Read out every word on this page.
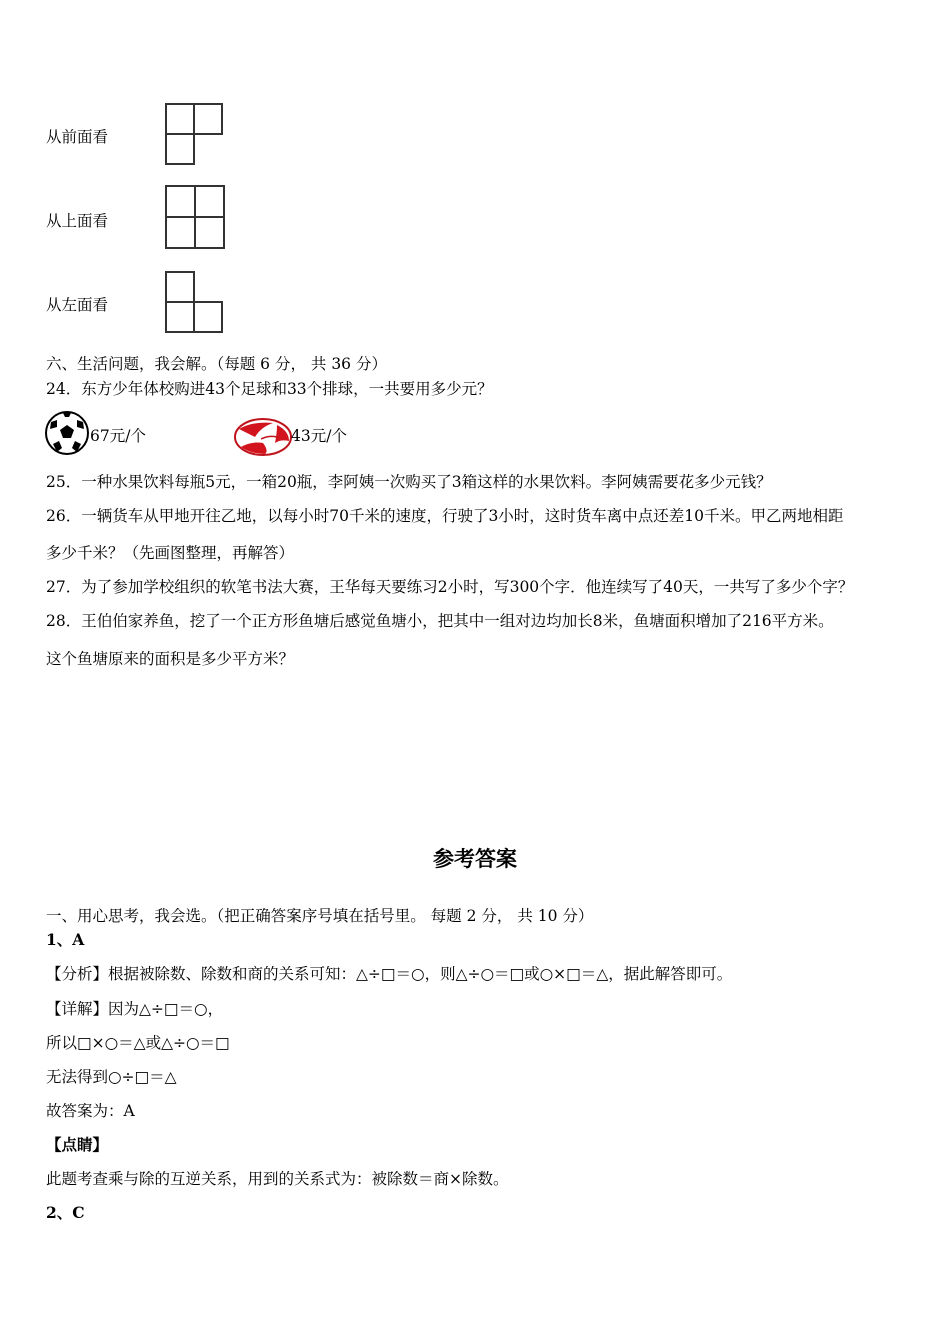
从前面看
从上面看
从左面看
六、生活问题，我会解。（每题 6 分， 共 36 分）
24．东方少年体校购进43个足球和33个排球，一共要用多少元？
67元/个	43元/个
25．一种水果饮料每瓶5元，一箱20瓶，李阿姨一次购买了3箱这样的水果饮料。李阿姨需要花多少元钱？
26．一辆货车从甲地开往乙地，以每小时70千米的速度，行驶了3小时，这时货车离中点还差10千米。甲乙两地相距
多少千米？（先画图整理，再解答）
27．为了参加学校组织的软笔书法大赛，王华每天要练习2小时，写300个字．他连续写了40天，一共写了多少个字？
28．王伯伯家养鱼，挖了一个正方形鱼塘后感觉鱼塘小，把其中一组对边均加长8米，鱼塘面积增加了216平方米。
这个鱼塘原来的面积是多少平方米？
参考答案
一、用心思考，我会选。（把正确答案序号填在括号里。 每题 2 分， 共 10 分）
1、A
【分析】根据被除数、除数和商的关系可知：△÷□＝○，则△÷○＝□或○×□＝△，据此解答即可。
【详解】因为△÷□＝○，
所以□×○＝△或△÷○＝□
无法得到○÷□＝△
故答案为：A
【点睛】
此题考查乘与除的互逆关系，用到的关系式为：被除数＝商×除数。
2、C
